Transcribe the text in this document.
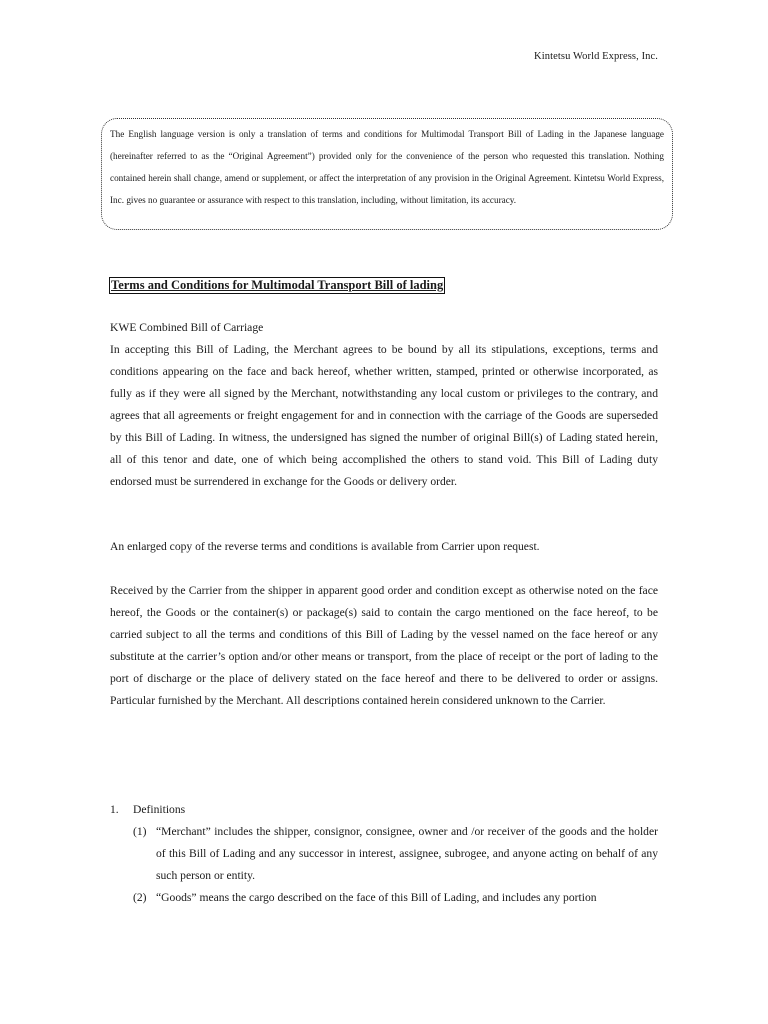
Kintetsu World Express, Inc.
The English language version is only a translation of terms and conditions for Multimodal Transport Bill of Lading in the Japanese language (hereinafter referred to as the “Original Agreement”) provided only for the convenience of the person who requested this translation. Nothing contained herein shall change, amend or supplement, or affect the interpretation of any provision in the Original Agreement. Kintetsu World Express, Inc. gives no guarantee or assurance with respect to this translation, including, without limitation, its accuracy.
Terms and Conditions for Multimodal Transport Bill of lading

KWE Combined Bill of Carriage

In accepting this Bill of Lading, the Merchant agrees to be bound by all its stipulations, exceptions, terms and conditions appearing on the face and back hereof, whether written, stamped, printed or otherwise incorporated, as fully as if they were all signed by the Merchant, notwithstanding any local custom or privileges to the contrary, and agrees that all agreements or freight engagement for and in connection with the carriage of the Goods are superseded by this Bill of Lading. In witness, the undersigned has signed the number of original Bill(s) of Lading stated herein, all of this tenor and date, one of which being accomplished the others to stand void. This Bill of Lading duty endorsed must be surrendered in exchange for the Goods or delivery order.

An enlarged copy of the reverse terms and conditions is available from Carrier upon request.
Received by the Carrier from the shipper in apparent good order and condition except as otherwise noted on the face hereof, the Goods or the container(s) or package(s) said to contain the cargo mentioned on the face hereof, to be carried subject to all the terms and conditions of this Bill of Lading by the vessel named on the face hereof or any substitute at the carrier’s option and/or other means or transport, from the place of receipt or the port of lading to the port of discharge or the place of delivery stated on the face hereof and there to be delivered to order or assigns. Particular furnished by the Merchant. All descriptions contained herein considered unknown to the Carrier.
1. Definitions
(1) “Merchant” includes the shipper, consignor, consignee, owner and /or receiver of the goods and the holder of this Bill of Lading and any successor in interest, assignee, subrogee, and anyone acting on behalf of any such person or entity.
(2) “Goods” means the cargo described on the face of this Bill of Lading, and includes any portion
